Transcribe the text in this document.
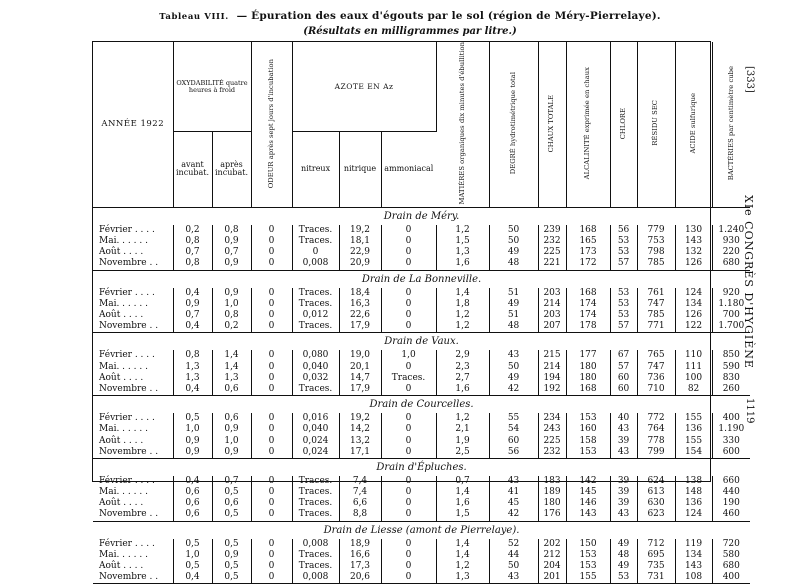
Tableau VIII. — Épuration des eaux d'égouts par le sol (région de Méry-Pierrelaye).
(Résultats en milligrammes par litre.)
ANNÉE 1922	OXYDABILITÉ quatre heures à froid		ODEUR après sept jours d'incubation	AZOTE EN Az			MATIÈRES organiques dix minutes d'ébullition	DEGRÉ hydrotimétrique total	CHAUX TOTALE	ALCALINITÉ exprimée en chaux	CHLORE	RÉSIDU SEC	ACIDE sulfurique	BACTÉRIES par centimètre cube
	avant incubat.	après incubat.		nitreux	nitrique	ammoniacal								
Drain de Méry.														
Février . . . .	0,2	0,8	0	Traces.	19,2	0	1,2	50	239	168	56	779	130	1.240
Mai. . . . . .	0,8	0,9	0	Traces.	18,1	0	1,5	50	232	165	53	753	143	930
Août . . . .	0,7	0,7	0	0	22,9	0	1,3	49	225	173	53	798	132	220
Novembre . .	0,8	0,9	0	0,008	20,9	0	1,6	48	221	172	57	785	126	680
Drain de La Bonneville.														
Février . . . .	0,4	0,9	0	Traces.	18,4	0	1,4	51	203	168	53	761	124	920
Mai. . . . . .	0,9	1,0	0	Traces.	16,3	0	1,8	49	214	174	53	747	134	1.180
Août . . . .	0,7	0,8	0	0,012	22,6	0	1,2	51	203	174	53	785	126	700
Novembre . .	0,4	0,2	0	Traces.	17,9	0	1,2	48	207	178	57	771	122	1.700
Drain de Vaux.														
Février . . . .	0,8	1,4	0	0,080	19,0	1,0	2,9	43	215	177	67	765	110	850
Mai. . . . . .	1,3	1,4	0	0,040	20,1	0	2,3	50	214	180	57	747	111	590
Août . . . .	1,3	1,3	0	0,032	14,7	Traces.	2,7	49	194	180	60	736	100	830
Novembre . .	0,4	0,6	0	Traces.	17,9	0	1,6	42	192	168	60	710	82	260
Drain de Courcelles.														
Février . . . .	0,5	0,6	0	0,016	19,2	0	1,2	55	234	153	40	772	155	400
Mai. . . . . .	1,0	0,9	0	0,040	14,2	0	2,1	54	243	160	43	764	136	1.190
Août . . . .	0,9	1,0	0	0,024	13,2	0	1,9	60	225	158	39	778	155	330
Novembre . .	0,9	0,9	0	0,024	17,1	0	2,5	56	232	153	43	799	154	600
Drain d'Épluches.														
Février . . . .	0,4	0,7	0	Traces.	7,4	0	0,7	43	183	142	39	624	138	660
Mai. . . . . .	0,6	0,5	0	Traces.	7,4	0	1,4	41	189	145	39	613	148	440
Août . . . .	0,6	0,6	0	Traces.	6,6	0	1,6	45	180	146	39	630	136	190
Novembre . .	0,6	0,5	0	Traces.	8,8	0	1,5	42	176	143	43	623	124	460
Drain de Liesse (amont de Pierrelaye).														
Février . . . .	0,5	0,5	0	0,008	18,9	0	1,4	52	202	150	49	712	119	720
Mai. . . . . .	1,0	0,9	0	Traces.	16,6	0	1,4	44	212	153	48	695	134	580
Août . . . .	0,5	0,5	0	Traces.	17,3	0	1,2	50	204	153	49	735	143	680
Novembre . .	0,4	0,5	0	0,008	20,6	0	1,3	43	201	155	53	731	108	400
[333]
XIe CONGRÈS D'HYGIÈNE
1119
